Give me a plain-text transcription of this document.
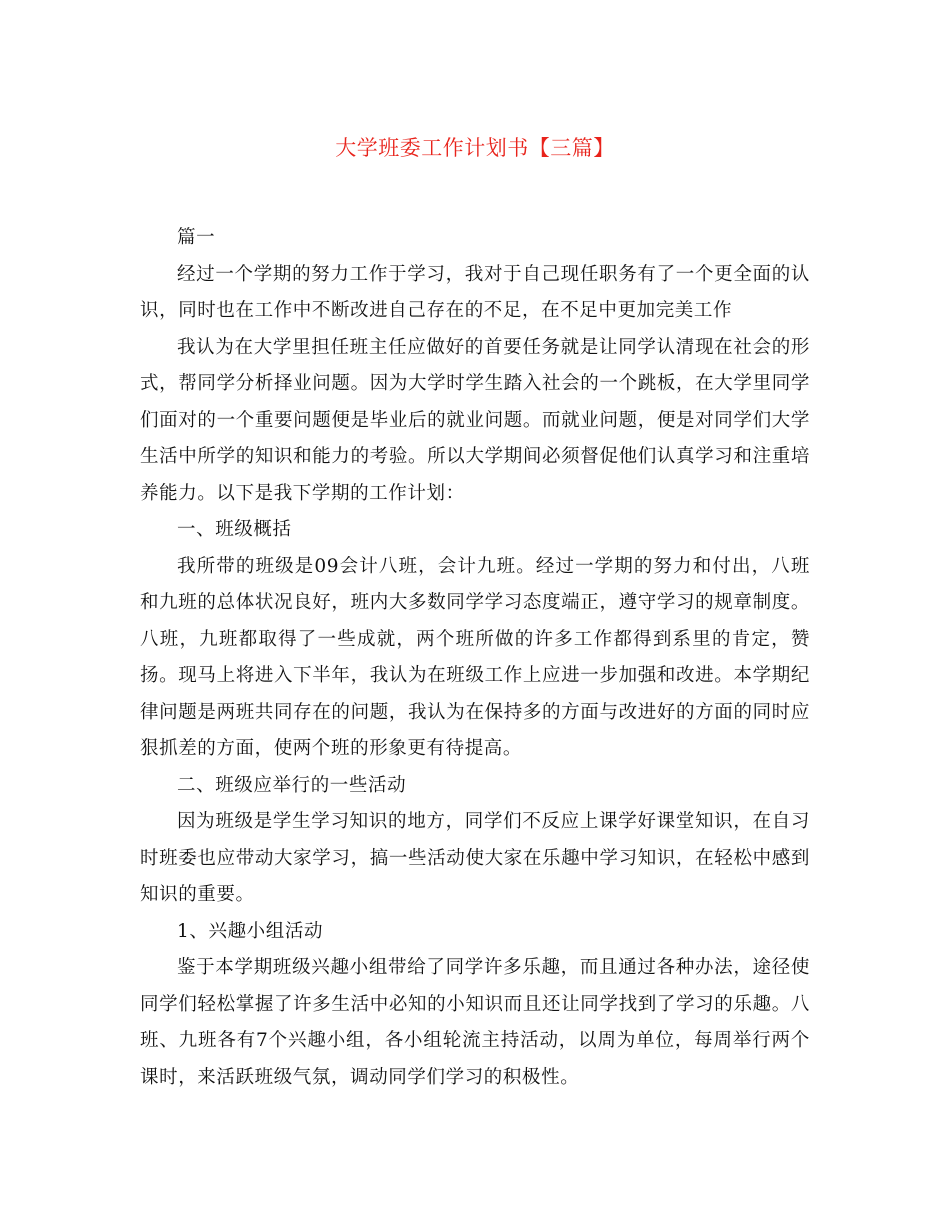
大学班委工作计划书【三篇】

篇一

经过一个学期的努力工作于学习，我对于自己现任职务有了一个更全面的认识，同时也在工作中不断改进自己存在的不足，在不足中更加完美工作

我认为在大学里担任班主任应做好的首要任务就是让同学认清现在社会的形式，帮同学分析择业问题。因为大学时学生踏入社会的一个跳板，在大学里同学们面对的一个重要问题便是毕业后的就业问题。而就业问题，便是对同学们大学生活中所学的知识和能力的考验。所以大学期间必须督促他们认真学习和注重培养能力。以下是我下学期的工作计划：

一、班级概括

我所带的班级是09会计八班，会计九班。经过一学期的努力和付出，八班和九班的总体状况良好，班内大多数同学学习态度端正，遵守学习的规章制度。八班，九班都取得了一些成就，两个班所做的许多工作都得到系里的肯定，赞扬。现马上将进入下半年，我认为在班级工作上应进一步加强和改进。本学期纪律问题是两班共同存在的问题，我认为在保持多的方面与改进好的方面的同时应狠抓差的方面，使两个班的形象更有待提高。

二、班级应举行的一些活动

因为班级是学生学习知识的地方，同学们不反应上课学好课堂知识，在自习时班委也应带动大家学习，搞一些活动使大家在乐趣中学习知识，在轻松中感到知识的重要。

1、兴趣小组活动

鉴于本学期班级兴趣小组带给了同学许多乐趣，而且通过各种办法，途径使同学们轻松掌握了许多生活中必知的小知识而且还让同学找到了学习的乐趣。八班、九班各有7个兴趣小组，各小组轮流主持活动，以周为单位，每周举行两个课时，来活跃班级气氛，调动同学们学习的积极性。
